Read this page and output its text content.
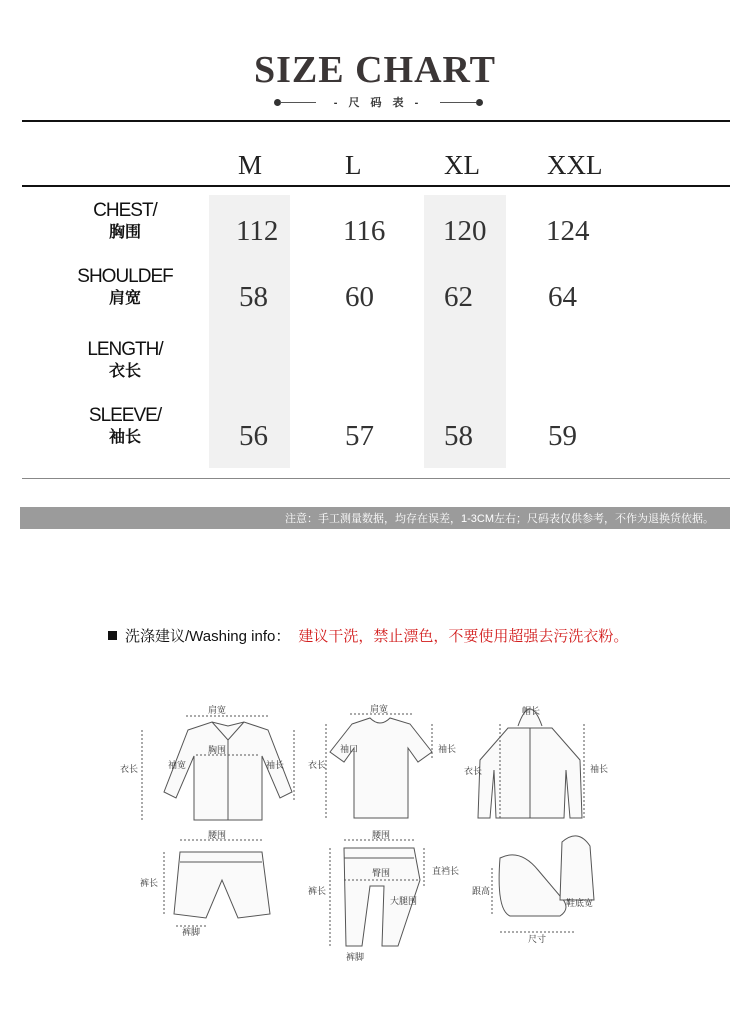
SIZE CHART
- 尺 码 表 -
M	L	XL XXL
CHEST/
胸围	112 116 120 124
SHOULDEF
肩宽	58	60 62	64
LENGTH/
衣长
SLEEVE/
袖长	56	57 58	59
注意：手工测量数据，均存在误差，1-3CM左右；尺码表仅供参考，不作为退换货依据。
洗涤建议/Washing info： 建议干洗，禁止漂色，不要使用超强去污洗衣粉。
肩宽
胸围
袖宽
衣长	袖长
肩宽
袖口
衣长
袖长
帽长
衣长	袖长
腰围
裤长
裤脚
腰围
臀围	直裆长
裤长
大腿围
裤脚
跟高
鞋底宽
尺寸
